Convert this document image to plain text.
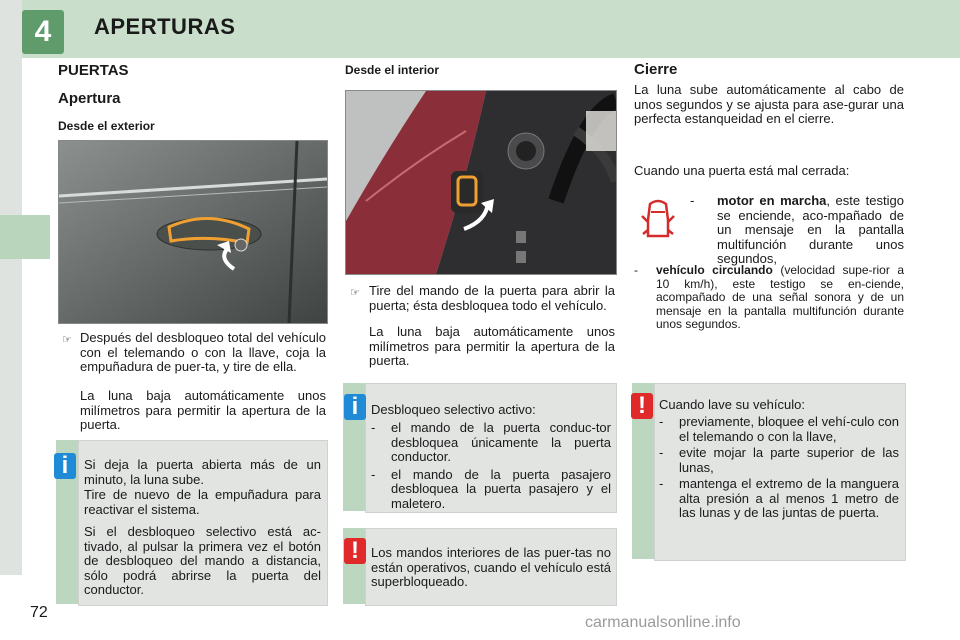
4	APERTURAS
PUERTAS
Apertura
Desde el exterior
☞ Después del desbloqueo total del vehículo con el telemando o con la llave, coja la empuñadura de puer-ta, y tire de ella.
La luna baja automáticamente unos milímetros para permitir la apertura de la puerta.
i	Si deja la puerta abierta más de un minuto, la luna sube.
Tire de nuevo de la empuñadura para reactivar el sistema.
Si el desbloqueo selectivo está ac-tivado, al pulsar la primera vez el botón de desbloqueo del mando a distancia, sólo podrá abrirse la puerta del conductor.
Desde el interior
☞ Tire del mando de la puerta para abrir la puerta; ésta desbloquea todo el vehículo.
La luna baja automáticamente unos milímetros para permitir la apertura de la puerta.
i Desbloqueo selectivo activo:
- el mando de la puerta conduc-tor desbloquea únicamente la puerta conductor.
- el mando de la puerta pasajero desbloquea la puerta pasajero y el maletero.
! Los mandos interiores de las puer-tas no están operativos, cuando el vehículo está superbloqueado.
Cierre
La luna sube automáticamente al cabo de unos segundos y se ajusta para ase-gurar una perfecta estanqueidad en el cierre.
Cuando una puerta está mal cerrada:
-	motor en marcha, este testigo se enciende, aco-mpañado de un mensaje en la pantalla multifunción durante unos segundos,
-	vehículo circulando (velocidad supe-rior a 10 km/h), este testigo se en-ciende, acompañado de una señal sonora y de un mensaje en la pantalla multifunción durante unos segundos.
!	Cuando lave su vehículo:
- previamente, bloquee el vehí-culo con el telemando o con la llave,
- evite mojar la parte superior de las lunas,
- mantenga el extremo de la manguera alta presión a al menos 1 metro de las lunas y de las juntas de puerta.
72
carmanualsonline.info
